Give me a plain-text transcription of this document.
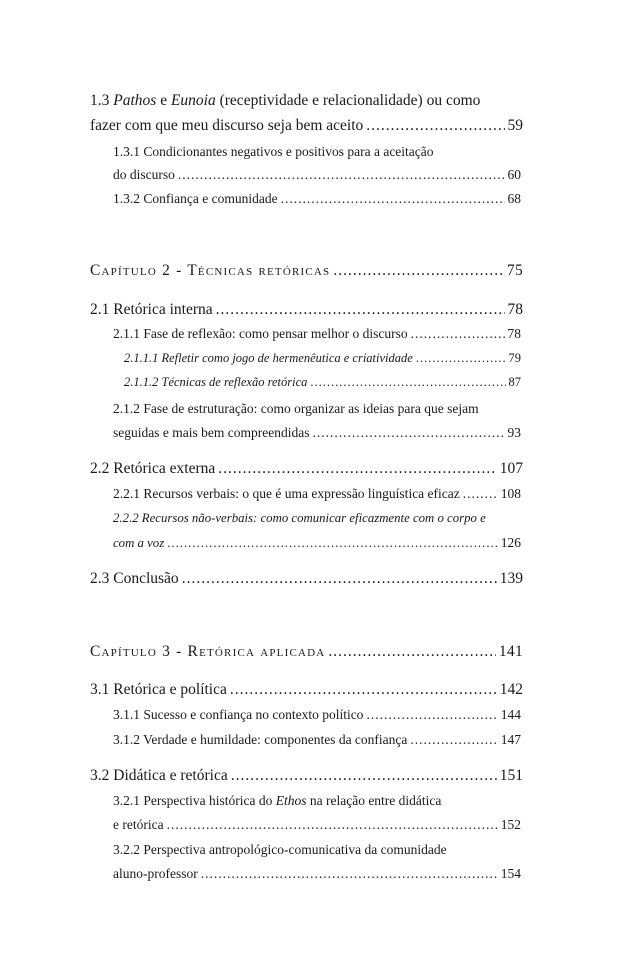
1.3 Pathos e Eunoia (receptividade e relacionalidade) ou como
fazer com que meu discurso seja bem aceito .....	59
1.3.1 Condicionantes negativos e positivos para a aceitação
do discurso .....	60
1.3.2 Confiança e comunidade .....	68
Capítulo 2 - Técnicas retóricas .....	75
2.1 Retórica interna .....	78
2.1.1 Fase de reflexão: como pensar melhor o discurso .....	78
2.1.1.1 Refletir como jogo de hermenêutica e criatividade .....	79
2.1.1.2 Técnicas de reflexão retórica .....	87
2.1.2 Fase de estruturação: como organizar as ideias para que sejam
seguidas e mais bem compreendidas .....	93
2.2 Retórica externa .....	107
2.2.1 Recursos verbais: o que é uma expressão linguística eficaz .....	108
2.2.2 Recursos não-verbais: como comunicar eficazmente com o corpo e
com a voz .....	126
2.3 Conclusão .....	139
Capítulo 3 - Retórica aplicada .....	141
3.1 Retórica e política .....	142
3.1.1 Sucesso e confiança no contexto político .....	144
3.1.2 Verdade e humildade: componentes da confiança .....	147
3.2 Didática e retórica .....	151
3.2.1 Perspectiva histórica do Ethos na relação entre didática
e retórica .....	152
3.2.2 Perspectiva antropológico-comunicativa da comunidade
aluno-professor .....	154
